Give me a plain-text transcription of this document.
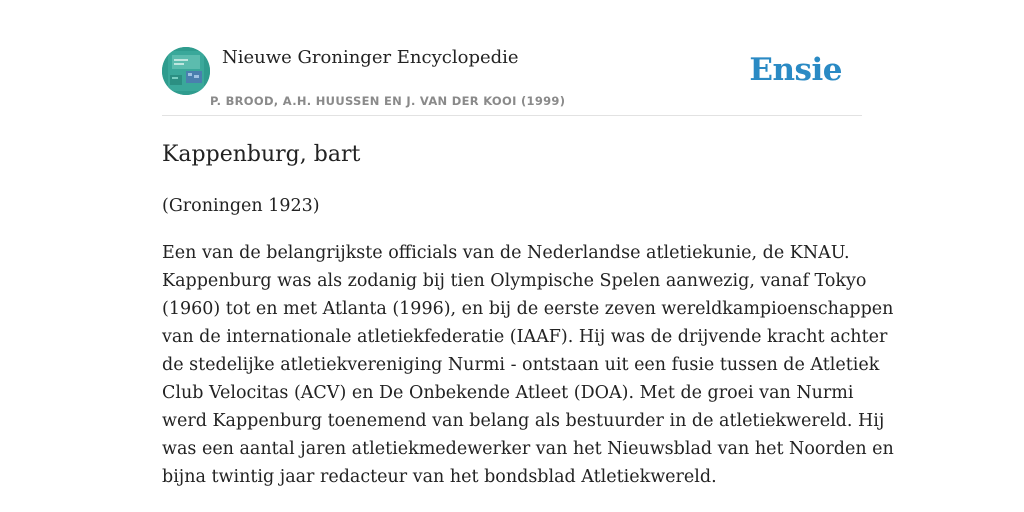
Nieuwe Groninger Encyclopedie
P. BROOD, A.H. HUUSSEN EN J. VAN DER KOOI (1999)
Ensie
Kappenburg, bart
(Groningen 1923)
Een van de belangrijkste officials van de Nederlandse atletiekunie, de KNAU.
Kappenburg was als zodanig bij tien Olympische Spelen aanwezig, vanaf Tokyo
(1960) tot en met Atlanta (1996), en bij de eerste zeven wereldkampioenschappen
van de internationale atletiekfederatie (IAAF). Hij was de drijvende kracht achter
de stedelijke atletiekvereniging Nurmi - ontstaan uit een fusie tussen de Atletiek
Club Velocitas (ACV) en De Onbekende Atleet (DOA). Met de groei van Nurmi
werd Kappenburg toenemend van belang als bestuurder in de atletiekwereld. Hij
was een aantal jaren atletiekmedewerker van het Nieuwsblad van het Noorden en
bijna twintig jaar redacteur van het bondsblad Atletiekwereld.
